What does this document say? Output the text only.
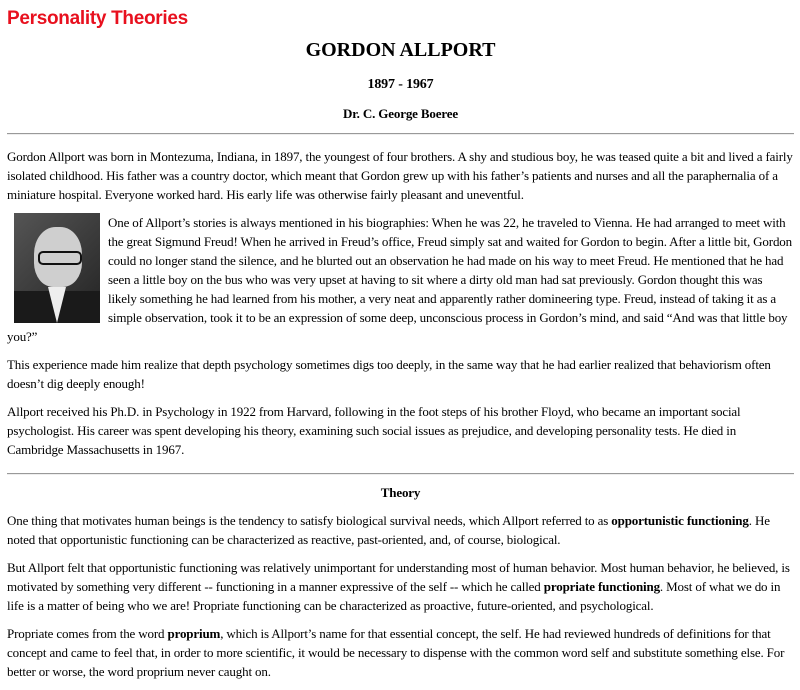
Personality Theories
GORDON ALLPORT
1897 - 1967
Dr. C. George Boeree

Gordon Allport was born in Montezuma, Indiana, in 1897, the youngest of four brothers. A shy and studious boy, he was teased quite a bit and lived a fairly isolated childhood. His father was a country doctor, which meant that Gordon grew up with his father’s patients and nurses and all the paraphernalia of a miniature hospital. Everyone worked hard. His early life was otherwise fairly pleasant and uneventful.

One of Allport’s stories is always mentioned in his biographies: When he was 22, he traveled to Vienna. He had arranged to meet with the great Sigmund Freud! When he arrived in Freud’s office, Freud simply sat and waited for Gordon to begin. After a little bit, Gordon could no longer stand the silence, and he blurted out an observation he had made on his way to meet Freud. He mentioned that he had seen a little boy on the bus who was very upset at having to sit where a dirty old man had sat previously. Gordon thought this was likely something he had learned from his mother, a very neat and apparently rather domineering type. Freud, instead of taking it as a simple observation, took it to be an expression of some deep, unconscious process in Gordon’s mind, and said “And was that little boy you?”

This experience made him realize that depth psychology sometimes digs too deeply, in the same way that he had earlier realized that behaviorism often doesn’t dig deeply enough!

Allport received his Ph.D. in Psychology in 1922 from Harvard, following in the foot steps of his brother Floyd, who became an important social psychologist. His career was spent developing his theory, examining such social issues as prejudice, and developing personality tests. He died in Cambridge Massachusetts in 1967.

Theory

One thing that motivates human beings is the tendency to satisfy biological survival needs, which Allport referred to as opportunistic functioning. He noted that opportunistic functioning can be characterized as reactive, past-oriented, and, of course, biological.

But Allport felt that opportunistic functioning was relatively unimportant for understanding most of human behavior. Most human behavior, he believed, is motivated by something very different -- functioning in a manner expressive of the self -- which he called propriate functioning. Most of what we do in life is a matter of being who we are! Propriate functioning can be characterized as proactive, future-oriented, and psychological.

Propriate comes from the word proprium, which is Allport’s name for that essential concept, the self. He had reviewed hundreds of definitions for that concept and came to feel that, in order to more scientific, it would be necessary to dispense with the common word self and substitute something else. For better or worse, the word proprium never caught on.
